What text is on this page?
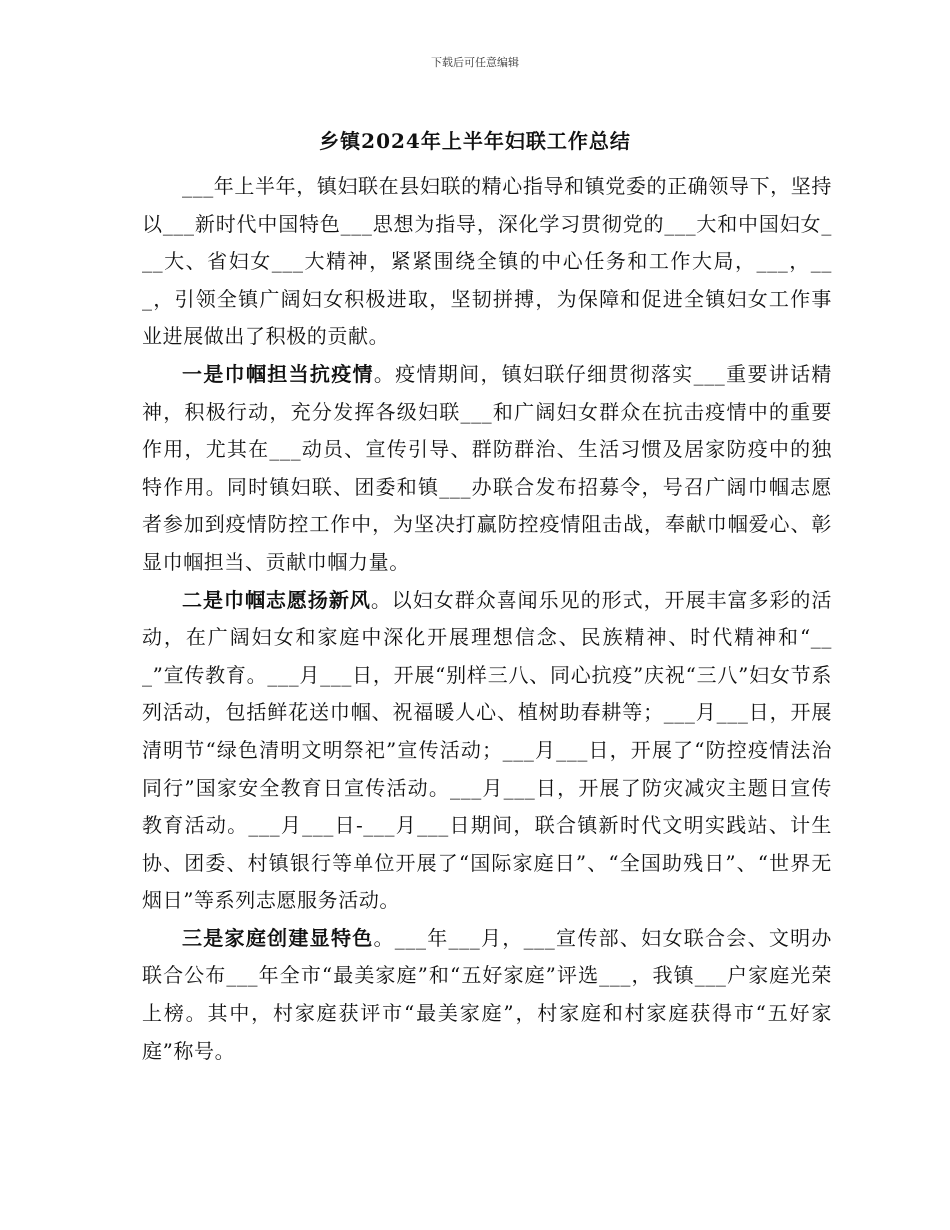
下载后可任意编辑
乡镇2024年上半年妇联工作总结

___年上半年，镇妇联在县妇联的精心指导和镇党委的正确领导下，坚持以___新时代中国特色___思想为指导，深化学习贯彻党的___大和中国妇女___大、省妇女___大精神，紧紧围绕全镇的中心任务和工作大局，___，___，引领全镇广阔妇女积极进取，坚韧拼搏，为保障和促进全镇妇女工作事业进展做出了积极的贡献。

一是巾帼担当抗疫情。疫情期间，镇妇联仔细贯彻落实___重要讲话精神，积极行动，充分发挥各级妇联___和广阔妇女群众在抗击疫情中的重要作用，尤其在___动员、宣传引导、群防群治、生活习惯及居家防疫中的独特作用。同时镇妇联、团委和镇___办联合发布招募令，号召广阔巾帼志愿者参加到疫情防控工作中，为坚决打赢防控疫情阻击战，奉献巾帼爱心、彰显巾帼担当、贡献巾帼力量。

二是巾帼志愿扬新风。以妇女群众喜闻乐见的形式，开展丰富多彩的活动，在广阔妇女和家庭中深化开展理想信念、民族精神、时代精神和“___”宣传教育。___月___日，开展“别样三八、同心抗疫”庆祝“三八”妇女节系列活动，包括鲜花送巾帼、祝福暖人心、植树助春耕等；___月___日，开展清明节“绿色清明文明祭祀”宣传活动；___月___日，开展了“防控疫情法治同行”国家安全教育日宣传活动。___月___日，开展了防灾减灾主题日宣传教育活动。___月___日-___月___日期间，联合镇新时代文明实践站、计生协、团委、村镇银行等单位开展了“国际家庭日”、“全国助残日”、“世界无烟日”等系列志愿服务活动。

三是家庭创建显特色。___年___月，___宣传部、妇女联合会、文明办联合公布___年全市“最美家庭”和“五好家庭”评选___，我镇___户家庭光荣上榜。其中，村家庭获评市“最美家庭”，村家庭和村家庭获得市“五好家庭”称号。
